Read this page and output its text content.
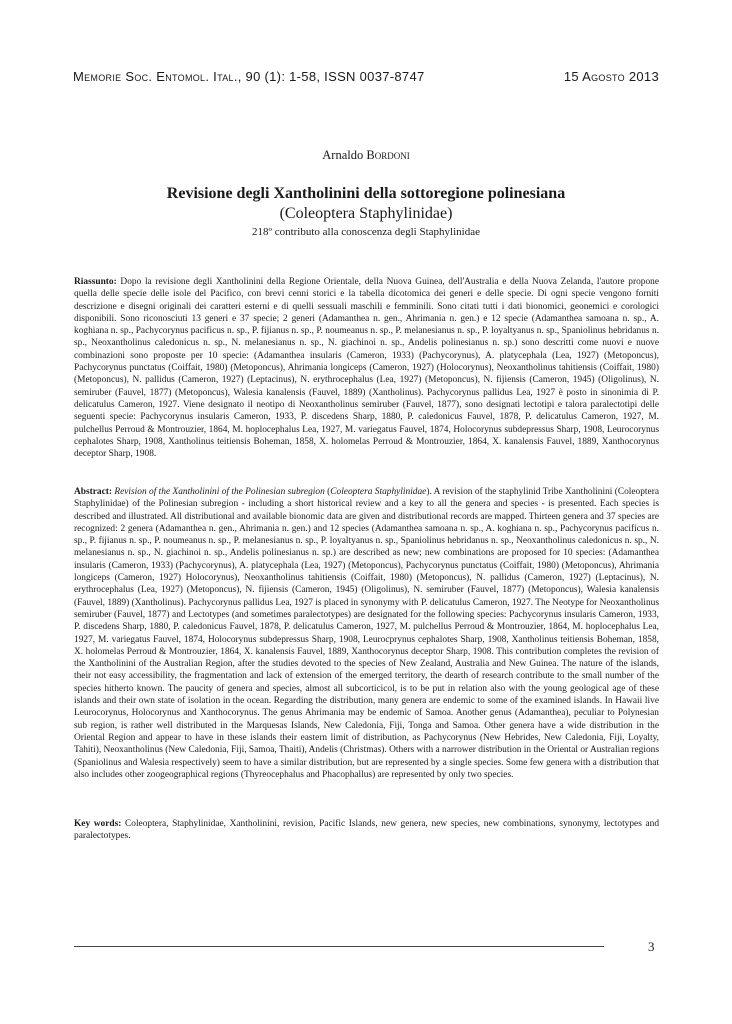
Memorie Soc. Entomol. Ital., 90 (1): 1-58, ISSN 0037-8747	15 Agosto 2013
Arnaldo Bordoni
Revisione degli Xantholinini della sottoregione polinesiana
(Coleoptera Staphylinidae)
218º contributo alla conoscenza degli Staphylinidae
Riassunto: Dopo la revisione degli Xantholinini della Regione Orientale, della Nuova Guinea, dell'Australia e della Nuova Zelanda, l'autore propone quella delle specie delle isole del Pacifico, con brevi cenni storici e la tabella dicotomica dei generi e delle specie. Di ogni specie vengono forniti descrizione e disegni originali dei caratteri esterni e di quelli sessuali maschili e femminili. Sono citati tutti i dati bionomici, geonemici e corologici disponibili. Sono riconosciuti 13 generi e 37 specie; 2 generi (Adamanthea n. gen., Ahrimania n. gen.) e 12 specie (Adamanthea samoana n. sp., A. koghiana n. sp., Pachycorynus pacificus n. sp., P. fijianus n. sp., P. noumeanus n. sp., P. melanesianus n. sp., P. loyaltyanus n. sp., Spaniolinus hebridanus n. sp., Neoxantholinus caledonicus n. sp., N. melanesianus n. sp., N. giachinoi n. sp., Andelis polinesianus n. sp.) sono descritti come nuovi e nuove combinazioni sono proposte per 10 specie: (Adamanthea insularis (Cameron, 1933) (Pachycorynus), A. platycephala (Lea, 1927) (Metoponcus), Pachycorynus punctatus (Coiffait, 1980) (Metoponcus), Ahrimania longiceps (Cameron, 1927) (Holocorynus), Neoxantholinus tahitiensis (Coiffait, 1980) (Metoponcus), N. pallidus (Cameron, 1927) (Leptacinus), N. erythrocephalus (Lea, 1927) (Metoponcus), N. fijiensis (Cameron, 1945) (Oligolinus), N. semiruber (Fauvel, 1877) (Metoponcus), Walesia kanalensis (Fauvel, 1889) (Xantholinus). Pachycorynus pallidus Lea, 1927 è posto in sinonimia di P. delicatulus Cameron, 1927. Viene designato il neotipo di Neoxantholinus semiruber (Fauvel, 1877), sono designati lectotipi e talora paralectotipi delle seguenti specie: Pachycorynus insularis Cameron, 1933, P. discedens Sharp, 1880, P. caledonicus Fauvel, 1878, P. delicatulus Cameron, 1927, M. pulchellus Perroud & Montrouzier, 1864, M. hoplocephalus Lea, 1927, M. variegatus Fauvel, 1874, Holocorynus subdepressus Sharp, 1908, Leurocorynus cephalotes Sharp, 1908, Xantholinus teitiensis Boheman, 1858, X. holomelas Perroud & Montrouzier, 1864, X. kanalensis Fauvel, 1889, Xanthocorynus deceptor Sharp, 1908.
Abstract: Revision of the Xantholinini of the Polinesian subregion (Coleoptera Staphylinidae). A revision of the staphylinid Tribe Xantholinini (Coleoptera Staphylinidae) of the Polinesian subregion - including a short historical review and a key to all the genera and species - is presented. Each species is described and illustrated. All distributional and available bionomic data are given and distributional records are mapped. Thirteen genera and 37 species are recognized: 2 genera (Adamanthea n. gen., Ahrimania n. gen.) and 12 species (Adamanthea samoana n. sp., A. koghiana n. sp., Pachycorynus pacificus n. sp., P. fijianus n. sp., P. noumeanus n. sp., P. melanesianus n. sp., P. loyaltyanus n. sp., Spaniolinus hebridanus n. sp., Neoxantholinus caledonicus n. sp., N. melanesianus n. sp., N. giachinoi n. sp., Andelis polinesianus n. sp.) are described as new; new combinations are proposed for 10 species: (Adamanthea insularis (Cameron, 1933) (Pachycorynus), A. platycephala (Lea, 1927) (Metoponcus), Pachycorynus punctatus (Coiffait, 1980) (Metoponcus), Ahrimania longiceps (Cameron, 1927) Holocorynus), Neoxantholinus tahitiensis (Coiffait, 1980) (Metoponcus), N. pallidus (Cameron, 1927) (Leptacinus), N. erythrocephalus (Lea, 1927) (Metoponcus), N. fijiensis (Cameron, 1945) (Oligolinus), N. semiruber (Fauvel, 1877) (Metoponcus), Walesia kanalensis (Fauvel, 1889) (Xantholinus). Pachycorynus pallidus Lea, 1927 is placed in synonymy with P. delicatulus Cameron, 1927. The Neotype for Neoxantholinus semiruber (Fauvel, 1877) and Lectotypes (and sometimes paralectotypes) are designated for the following species: Pachycorynus insularis Cameron, 1933, P. discedens Sharp, 1880, P. caledonicus Fauvel, 1878, P. delicatulus Cameron, 1927, M. pulchellus Perroud & Montrouzier, 1864, M. hoplocephalus Lea, 1927, M. variegatus Fauvel, 1874, Holocorynus subdepressus Sharp, 1908, Leurocprynus cephalotes Sharp, 1908, Xantholinus teitiensis Boheman, 1858, X. holomelas Perroud & Montrouzier, 1864, X. kanalensis Fauvel, 1889, Xanthocorynus deceptor Sharp, 1908. This contribution completes the revision of the Xantholinini of the Australian Region, after the studies devoted to the species of New Zealand, Australia and New Guinea. The nature of the islands, their not easy accessibility, the fragmentation and lack of extension of the emerged territory, the dearth of research contribute to the small number of the species hitherto known. The paucity of genera and species, almost all subcorticicol, is to be put in relation also with the young geological age of these islands and their own state of isolation in the ocean. Regarding the distribution, many genera are endemic to some of the examined islands. In Hawaii live Leurocorynus, Holocorynus and Xanthocorynus. The genus Ahrimania may be endemic of Samoa. Another genus (Adamanthea), peculiar to Polynesian sub region, is rather well distributed in the Marquesas Islands, New Caledonia, Fiji, Tonga and Samoa. Other genera have a wide distribution in the Oriental Region and appear to have in these islands their eastern limit of distribution, as Pachycorynus (New Hebrides, New Caledonia, Fiji, Loyalty, Tahiti), Neoxantholinus (New Caledonia, Fiji, Samoa, Thaiti), Andelis (Christmas). Others with a narrower distribution in the Oriental or Australian regions (Spaniolinus and Walesia respectively) seem to have a similar distribution, but are represented by a single species. Some few genera with a distribution that also includes other zoogeographical regions (Thyreocephalus and Phacophallus) are represented by only two species.
Key words: Coleoptera, Staphylinidae, Xantholinini, revision, Pacific Islands, new genera, new species, new combinations, synonymy, lectotypes and paralectotypes.
3
